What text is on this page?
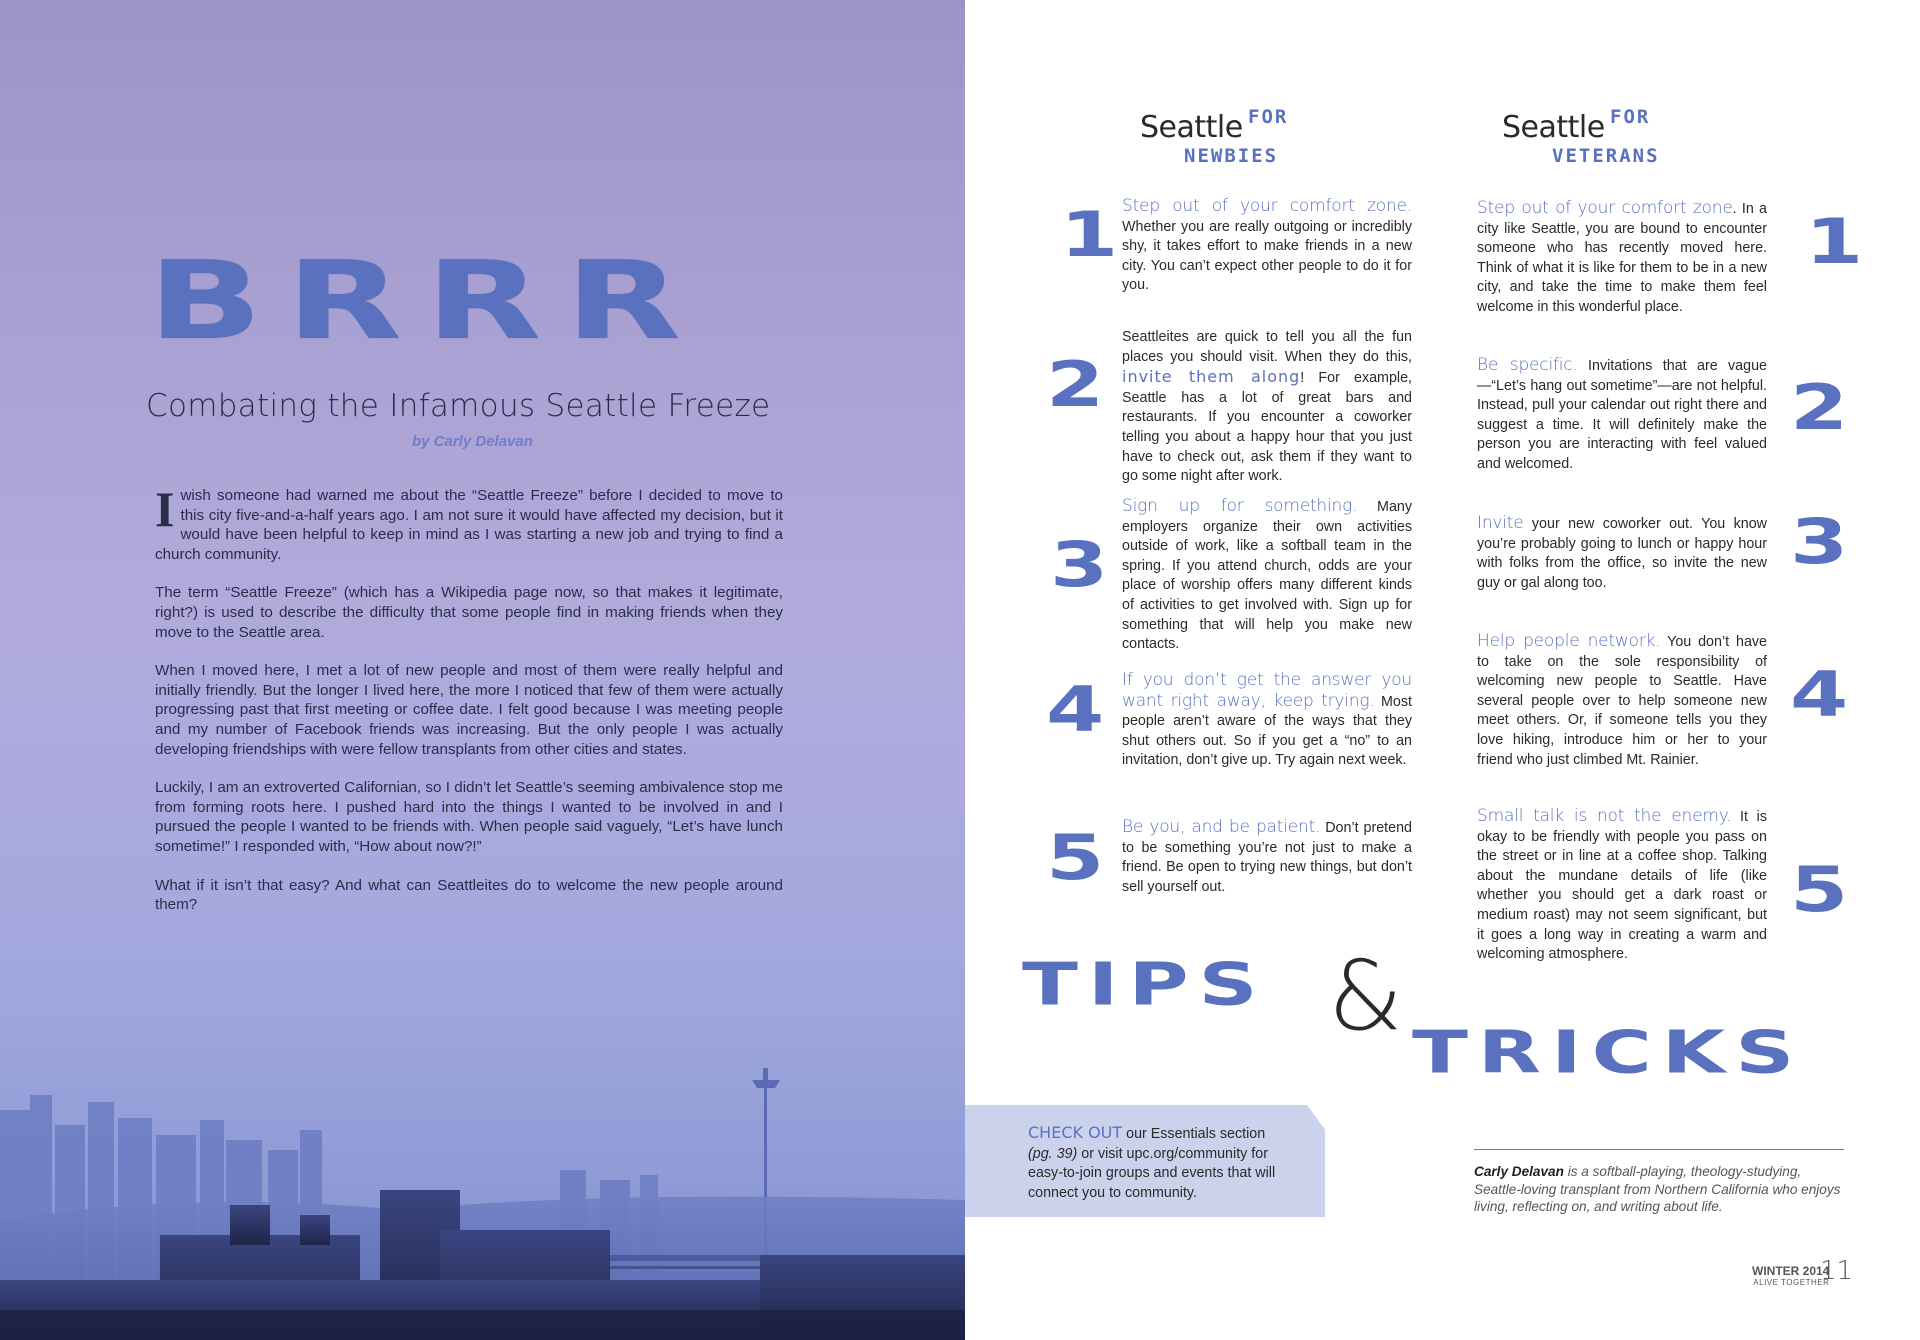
BRRR
Combating the Infamous Seattle Freeze
by Carly Delavan

Iwish someone had warned me about the “Seattle Freeze” before I decided to move to this city five-and-a-half years ago. I am not sure it would have affected my decision, but it would have been helpful to keep in mind as I was starting a new job and trying to find a church community.

The term “Seattle Freeze” (which has a Wikipedia page now, so that makes it legitimate, right?) is used to describe the difficulty that some people find in making friends when they move to the Seattle area.

When I moved here, I met a lot of new people and most of them were really helpful and initially friendly. But the longer I lived here, the more I noticed that few of them were actually progressing past that first meeting or coffee date. I felt good because I was meeting people and my number of Facebook friends was increasing. But the only people I was actually developing friendships with were fellow transplants from other cities and states.

Luckily, I am an extroverted Californian, so I didn’t let Seattle’s seeming ambivalence stop me from forming roots here. I pushed hard into the things I wanted to be involved in and I pursued the people I wanted to be friends with. When people said vaguely, “Let’s have lunch sometime!” I responded with, “How about now?!”

What if it isn’t that easy? And what can Seattleites do to welcome the new people around them?

Seattle FOR
NEWBIES
Seattle FOR
VETERANS
1
2
3
4
5
Step out of your comfort zone. Whether you are really outgoing or incredibly shy, it takes effort to make friends in a new city. You can’t expect other people to do it for you.
Seattleites are quick to tell you all the fun places you should visit. When they do this, invite them along! For example, Seattle has a lot of great bars and restaurants. If you encounter a coworker telling you about a happy hour that you just have to check out, ask them if they want to go some night after work.
Sign up for something. Many employers organize their own activities outside of work, like a softball team in the spring. If you attend church, odds are your place of worship offers many different kinds of activities to get involved with. Sign up for something that will help you make new contacts.
If you don’t get the answer you want right away, keep trying. Most people aren’t aware of the ways that they shut others out. So if you get a “no” to an invitation, don’t give up. Try again next week.
Be you, and be patient. Don’t pretend to be something you’re not just to make a friend. Be open to trying new things, but don’t sell yourself out.
Step out of your comfort zone. In a city like Seattle, you are bound to encounter someone who has recently moved here. Think of what it is like for them to be in a new city, and take the time to make them feel welcome in this wonderful place.
Be specific. Invitations that are vague—“Let’s hang out sometime”—are not helpful. Instead, pull your calendar out right there and suggest a time. It will definitely make the person you are interacting with feel valued and welcomed.
Invite your new coworker out. You know you’re probably going to lunch or happy hour with folks from the office, so invite the new guy or gal along too.
Help people network. You don’t have to take on the sole responsibility of welcoming new people to Seattle. Have several people over to help someone new meet others. Or, if someone tells you they love hiking, introduce him or her to your friend who just climbed Mt. Rainier.
Small talk is not the enemy. It is okay to be friendly with people you pass on the street or in line at a coffee shop. Talking about the mundane details of life (like whether you should get a dark roast or medium roast) may not seem significant, but it goes a long way in creating a warm and welcoming atmosphere.
1
2
3
4
5
TIPS &
TRICKS
CHECK OUT our Essentials section (pg. 39) or visit upc.org/community for easy-to-join groups and events that will connect you to community.
Carly Delavan is a softball-playing, theology-studying, Seattle-loving transplant from Northern California who enjoys living, reflecting on, and writing about life.
WINTER 2014
ALIVE TOGETHER
11
